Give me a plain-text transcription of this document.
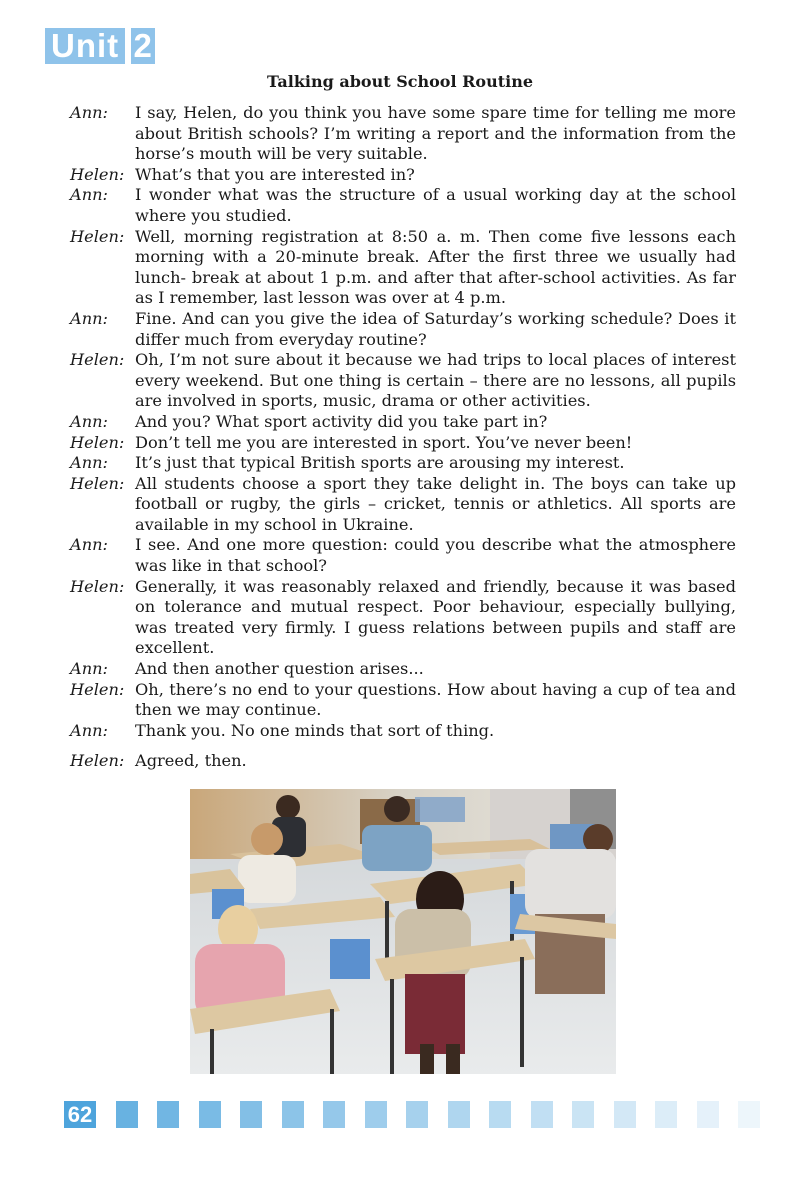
Unit 2
Talking about School Routine
Ann:	I say, Helen, do you think you have some spare time for telling me more about British schools? I’m writing a report and the information from the horse’s mouth will be very suitable.
Helen: What’s that you are interested in?
Ann:	I wonder what was the structure of a usual working day at the school where you studied.
Helen: Well, morning registration at 8:50 a. m. Then come five lessons each morning with a 20-minute break. After the first three we usually had lunch- break at about 1 p.m. and after that after-school activities. As far as I remember, last lesson was over at 4 p.m.
Ann:	Fine. And can you give the idea of Saturday’s working schedule? Does it differ much from everyday routine?
Helen: Oh, I’m not sure about it because we had trips to local places of interest every weekend. But one thing is certain – there are no lessons, all pupils are involved in sports, music, drama or other activities.
Ann:	And you? What sport activity did you take part in?
Helen: Don’t tell me you are interested in sport. You’ve never been!
Ann:	It’s just that typical British sports are arousing my interest.
Helen: All students choose a sport they take delight in. The boys can take up football or rugby, the girls – cricket, tennis or athletics. All sports are available in my school in Ukraine.
Ann:	I see. And one more question: could you describe what the atmosphere was like in that school?
Helen: Generally, it was reasonably relaxed and friendly, because it was based on tolerance and mutual respect. Poor behaviour, especially bullying, was treated very firmly. I guess relations between pupils and staff are excellent.
Ann:	And then another question arises...
Helen: Oh, there’s no end to your questions. How about having a cup of tea and then we may continue.
Ann:	Thank you. No one minds that sort of thing.
Helen: Agreed, then.
62
